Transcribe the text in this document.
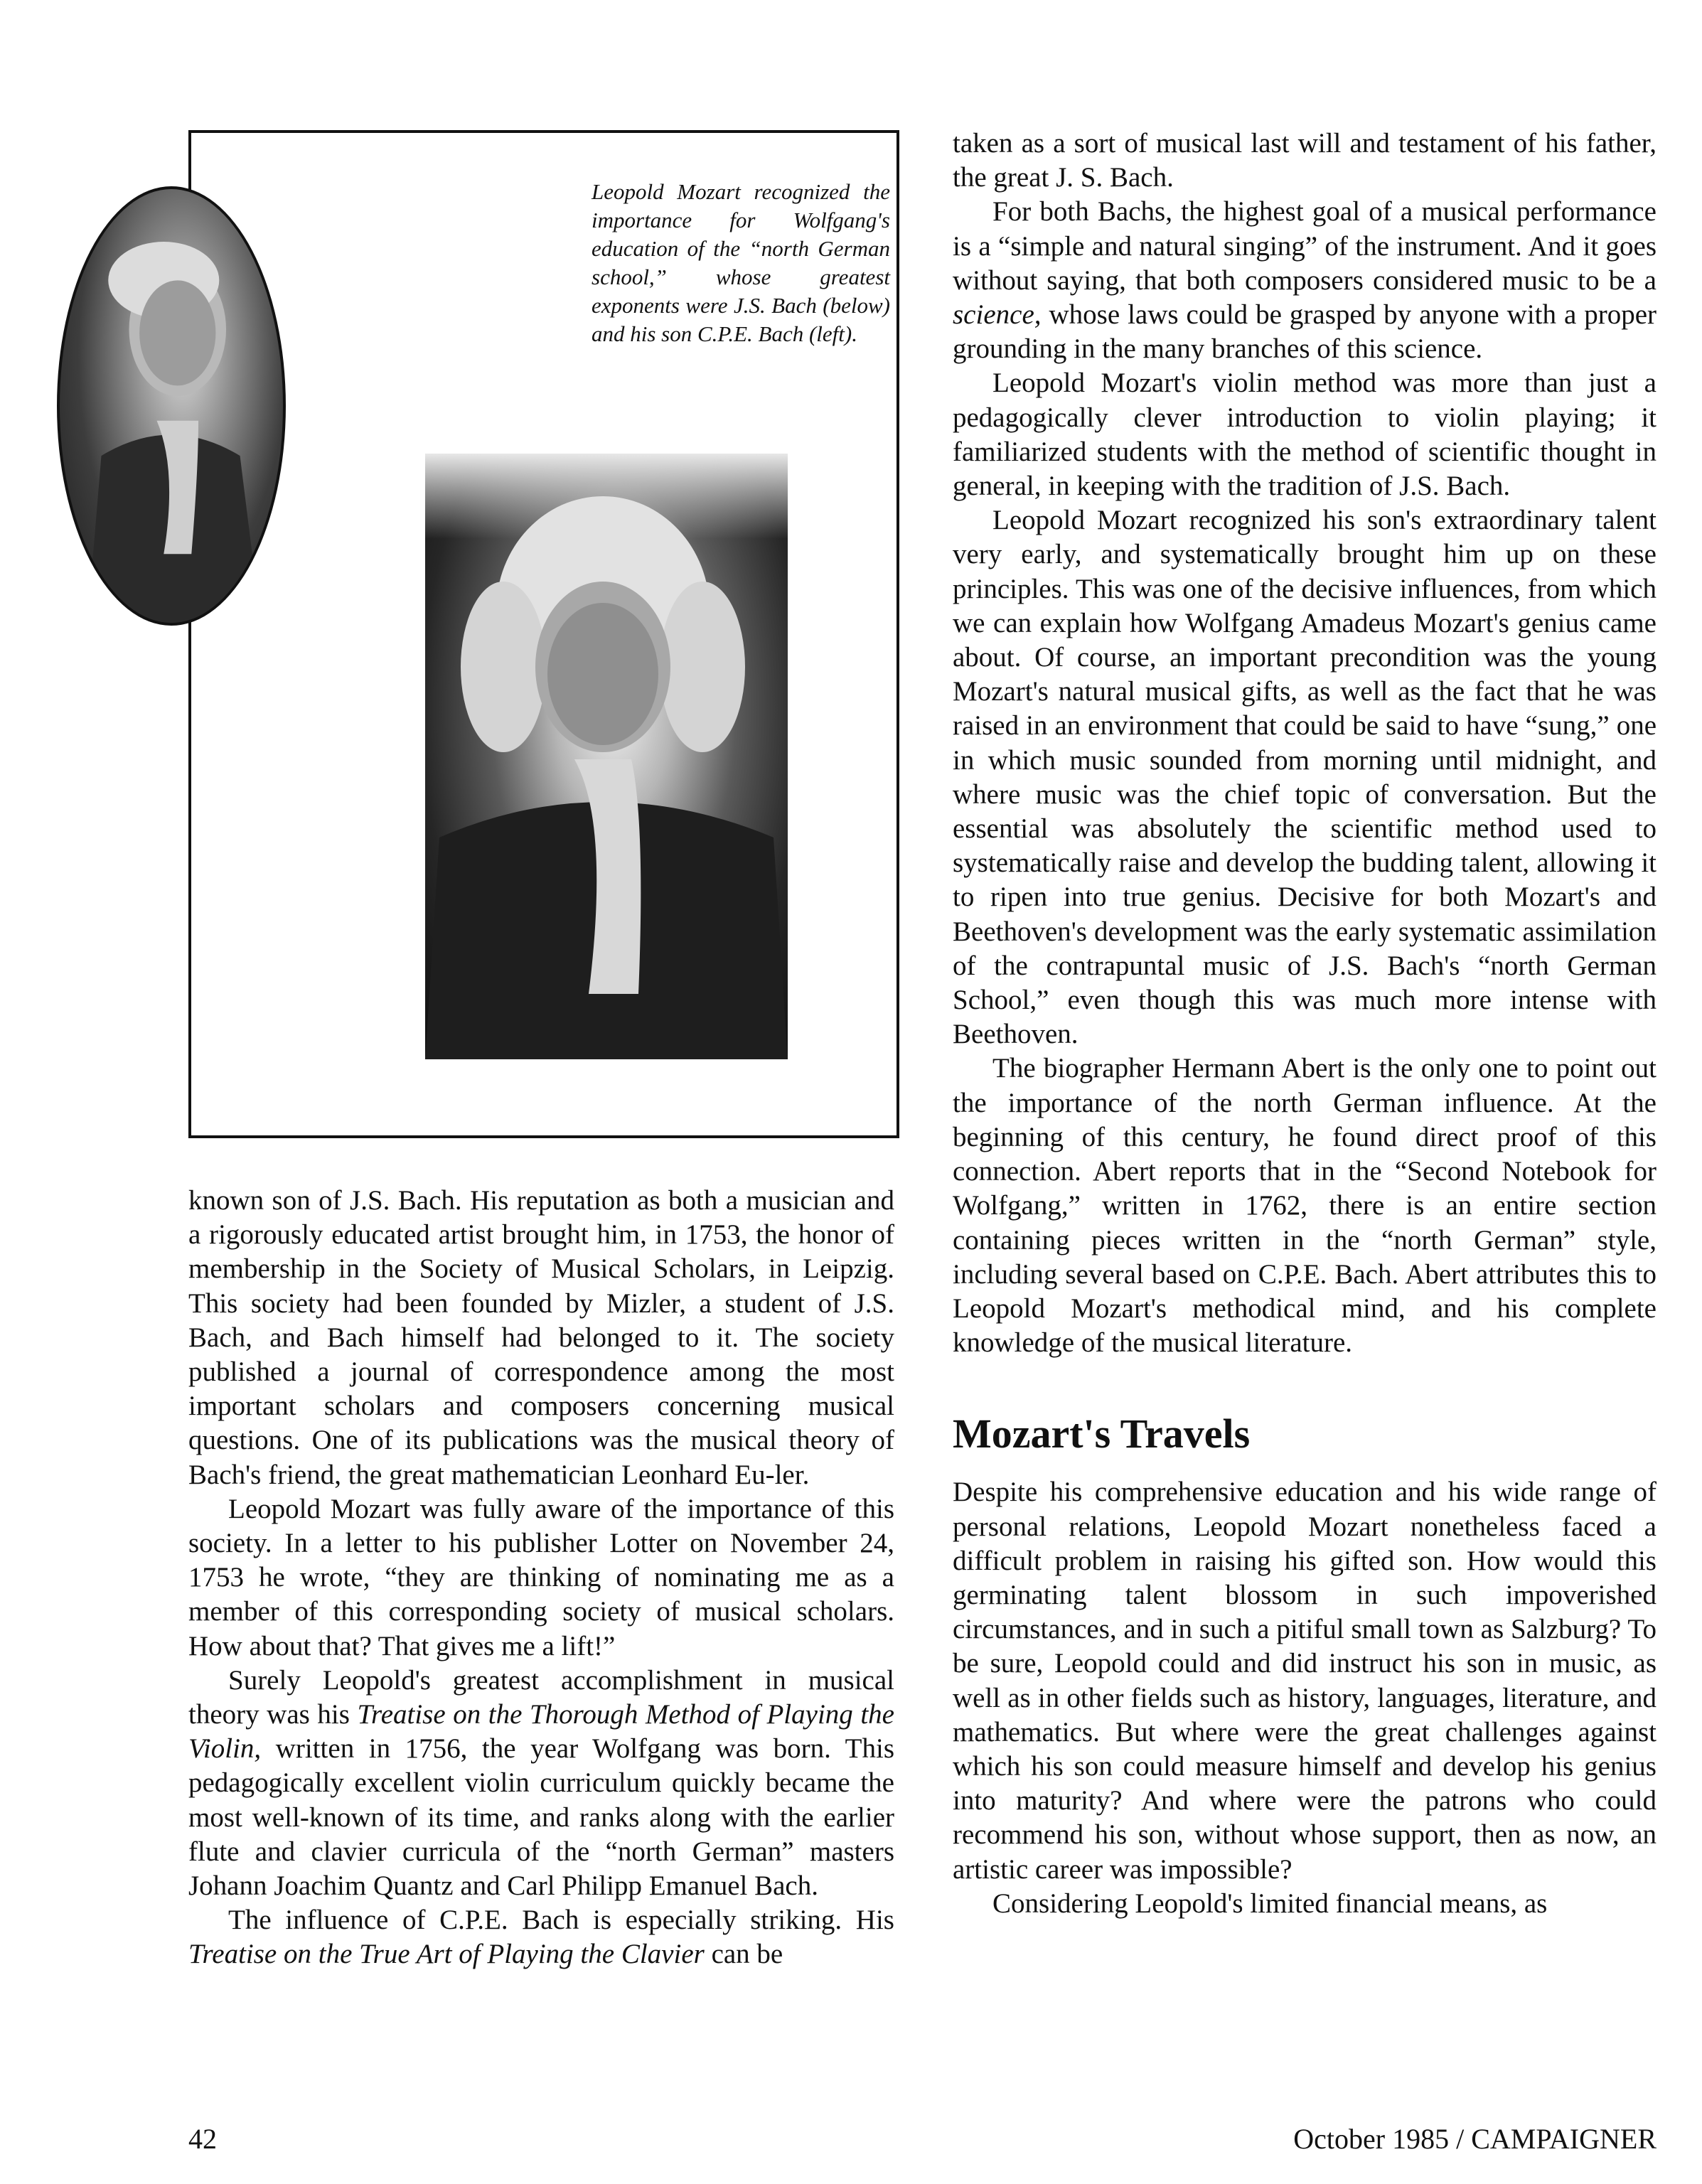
Leopold Mozart recognized the importance for Wolfgang's education of the “north German school,” whose greatest exponents were J.S. Bach (below) and his son C.P.E. Bach (left).

known son of J.S. Bach. His reputation as both a musician and a rigorously educated artist brought him, in 1753, the honor of membership in the Society of Musical Scholars, in Leipzig. This society had been founded by Mizler, a student of J.S. Bach, and Bach himself had belonged to it. The society published a journal of correspondence among the most important scholars and composers concerning musical questions. One of its publications was the musical theory of Bach's friend, the great mathematician Leonhard Eu-ler.

Leopold Mozart was fully aware of the importance of this society. In a letter to his publisher Lotter on November 24, 1753 he wrote, “they are thinking of nominating me as a member of this corresponding society of musical scholars. How about that? That gives me a lift!”

Surely Leopold's greatest accomplishment in musical theory was his Treatise on the Thorough Method of Playing the Violin, written in 1756, the year Wolfgang was born. This pedagogically excellent violin curriculum quickly became the most well-known of its time, and ranks along with the earlier flute and clavier curricula of the “north German” masters Johann Joachim Quantz and Carl Philipp Emanuel Bach.

The influence of C.P.E. Bach is especially striking. His Treatise on the True Art of Playing the Clavier can be

taken as a sort of musical last will and testament of his father, the great J. S. Bach.

For both Bachs, the highest goal of a musical performance is a “simple and natural singing” of the instrument. And it goes without saying, that both composers considered music to be a science, whose laws could be grasped by anyone with a proper grounding in the many branches of this science.

Leopold Mozart's violin method was more than just a pedagogically clever introduction to violin playing; it familiarized students with the method of scientific thought in general, in keeping with the tradition of J.S. Bach.

Leopold Mozart recognized his son's extraordinary talent very early, and systematically brought him up on these principles. This was one of the decisive influences, from which we can explain how Wolfgang Amadeus Mozart's genius came about. Of course, an important precondition was the young Mozart's natural musical gifts, as well as the fact that he was raised in an environment that could be said to have “sung,” one in which music sounded from morning until midnight, and where music was the chief topic of conversation. But the essential was absolutely the scientific method used to systematically raise and develop the budding talent, allowing it to ripen into true genius. Decisive for both Mozart's and Beethoven's development was the early systematic assimilation of the contrapuntal music of J.S. Bach's “north German School,” even though this was much more intense with Beethoven.

The biographer Hermann Abert is the only one to point out the importance of the north German influence. At the beginning of this century, he found direct proof of this connection. Abert reports that in the “Second Notebook for Wolfgang,” written in 1762, there is an entire section containing pieces written in the “north German” style, including several based on C.P.E. Bach. Abert attributes this to Leopold Mozart's methodical mind, and his complete knowledge of the musical literature.

Mozart's Travels

Despite his comprehensive education and his wide range of personal relations, Leopold Mozart nonetheless faced a difficult problem in raising his gifted son. How would this germinating talent blossom in such impoverished circumstances, and in such a pitiful small town as Salzburg? To be sure, Leopold could and did instruct his son in music, as well as in other fields such as history, languages, literature, and mathematics. But where were the great challenges against which his son could measure himself and develop his genius into maturity? And where were the patrons who could recommend his son, without whose support, then as now, an artistic career was impossible?

Considering Leopold's limited financial means, as

42	October 1985 / CAMPAIGNER
